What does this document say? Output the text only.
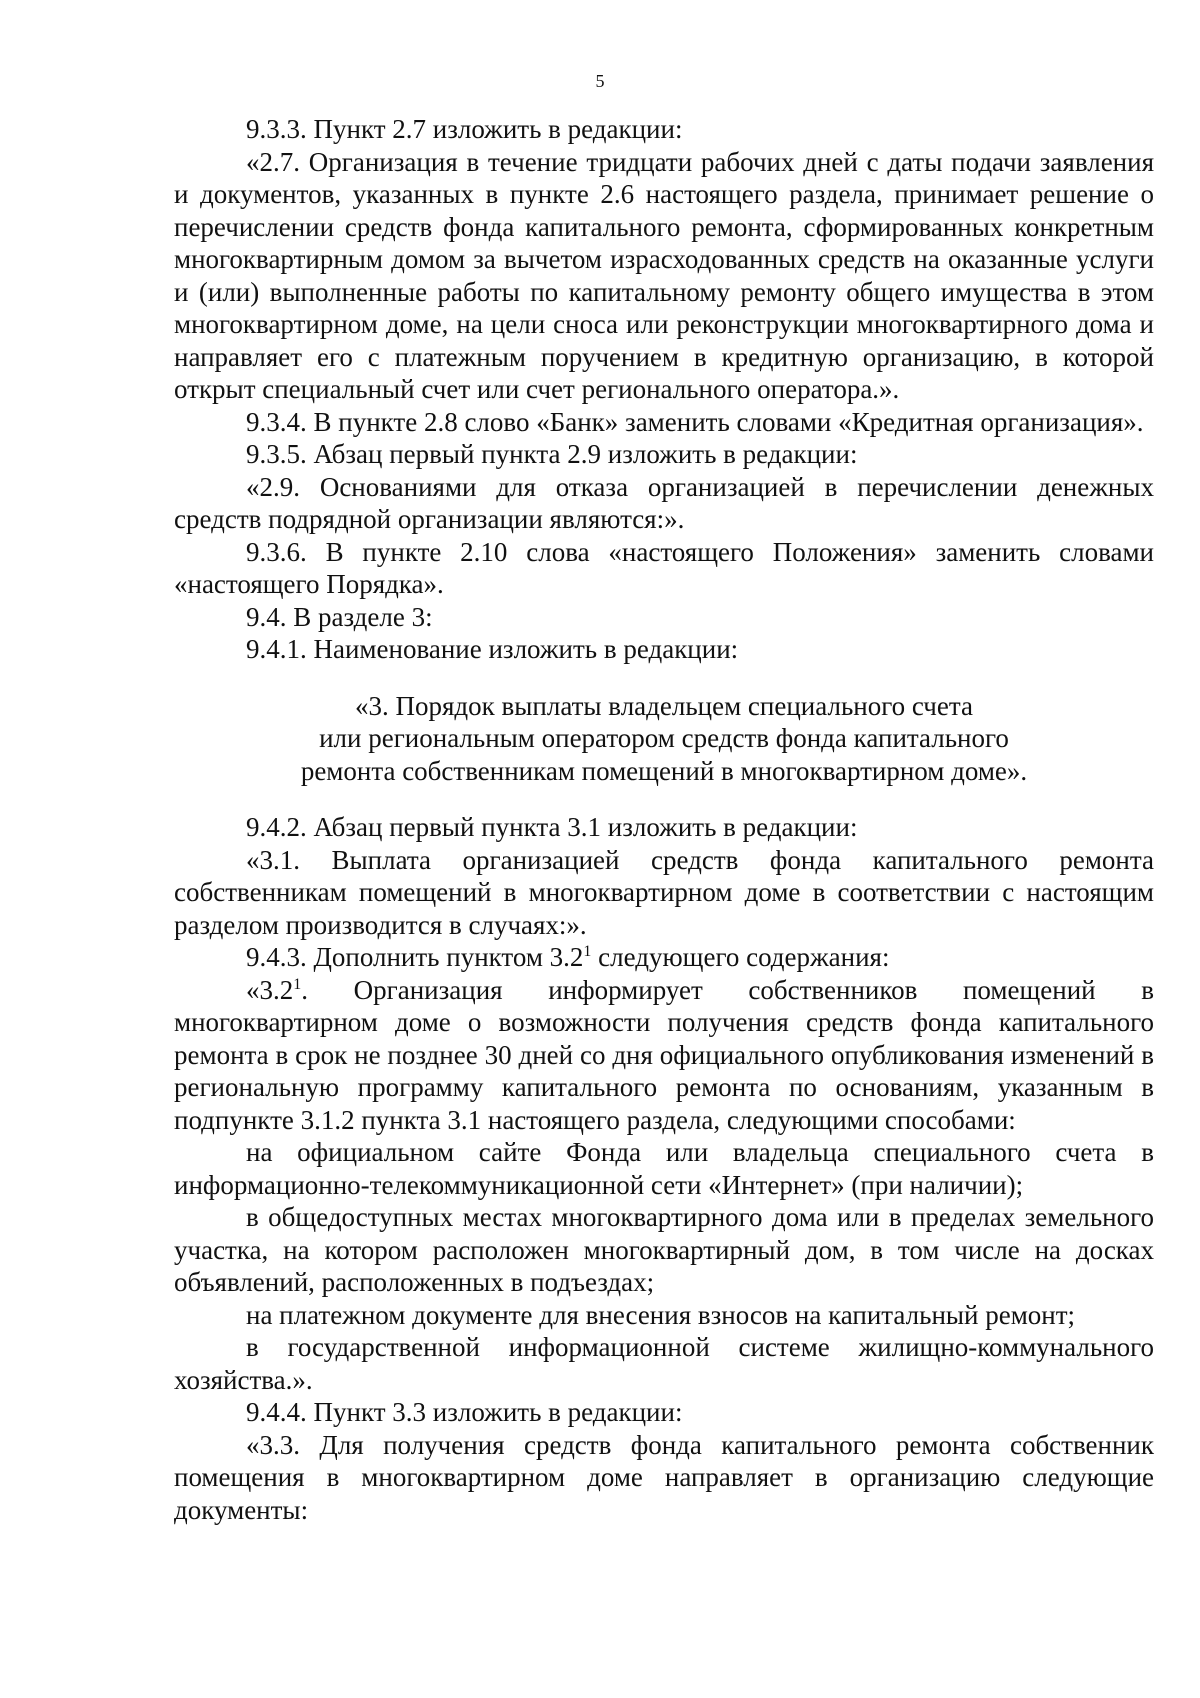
5

9.3.3. Пункт 2.7 изложить в редакции:

«2.7. Организация в течение тридцати рабочих дней с даты подачи заявления и документов, указанных в пункте 2.6 настоящего раздела, принимает решение о перечислении средств фонда капитального ремонта, сформированных конкретным многоквартирным домом за вычетом израсходованных средств на оказанные услуги и (или) выполненные работы по капитальному ремонту общего имущества в этом многоквартирном доме, на цели сноса или реконструкции многоквартирного дома и направляет его с платежным поручением в кредитную организацию, в которой открыт специальный счет или счет регионального оператора.».

9.3.4. В пункте 2.8 слово «Банк» заменить словами «Кредитная организация».

9.3.5. Абзац первый пункта 2.9 изложить в редакции:

«2.9. Основаниями для отказа организацией в перечислении денежных средств подрядной организации являются:».

9.3.6. В пункте 2.10 слова «настоящего Положения» заменить словами «настоящего Порядка».

9.4. В разделе 3:

9.4.1. Наименование изложить в редакции:

«3. Порядок выплаты владельцем специального счета
или региональным оператором средств фонда капитального
ремонта собственникам помещений в многоквартирном доме».

9.4.2. Абзац первый пункта 3.1 изложить в редакции:

«3.1. Выплата организацией средств фонда капитального ремонта собственникам помещений в многоквартирном доме в соответствии с настоящим разделом производится в случаях:».

9.4.3. Дополнить пунктом $3.2^1$ следующего содержания:

«$3.2^1$. Организация информирует собственников помещений в многоквартирном доме о возможности получения средств фонда капитального ремонта в срок не позднее 30 дней со дня официального опубликования изменений в региональную программу капитального ремонта по основаниям, указанным в подпункте 3.1.2 пункта 3.1 настоящего раздела, следующими способами:

на официальном сайте Фонда или владельца специального счета в информационно-телекоммуникационной сети «Интернет» (при наличии);

в общедоступных местах многоквартирного дома или в пределах земельного участка, на котором расположен многоквартирный дом, в том числе на досках объявлений, расположенных в подъездах;

на платежном документе для внесения взносов на капитальный ремонт;

в государственной информационной системе жилищно-коммунального хозяйства.».

9.4.4. Пункт 3.3 изложить в редакции:

«3.3. Для получения средств фонда капитального ремонта собственник помещения в многоквартирном доме направляет в организацию следующие документы:
